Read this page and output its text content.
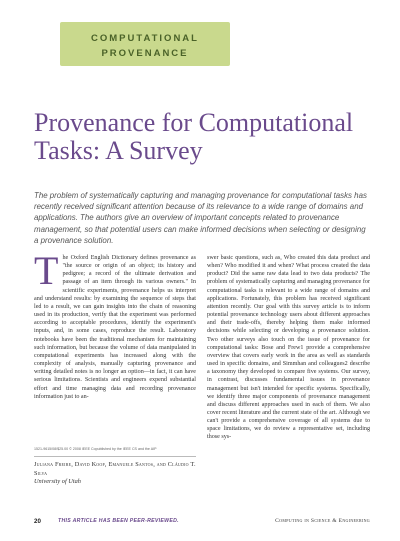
COMPUTATIONAL
PROVENANCE
Provenance for Computational Tasks: A Survey

The problem of systematically capturing and managing provenance for computational tasks has recently received significant attention because of its relevance to a wide range of domains and applications. The authors give an overview of important concepts related to provenance management, so that potential users can make informed decisions when selecting or designing a provenance solution.

The Oxford English Dictionary defines provenance as "the source or origin of an object; its history and pedigree; a record of the ultimate derivation and passage of an item through its various owners." In scientific experiments, provenance helps us interpret and understand results: by examining the sequence of steps that led to a result, we can gain insights into the chain of reasoning used in its production, verify that the experiment was performed according to acceptable procedures, identify the experiment's inputs, and, in some cases, reproduce the result. Laboratory notebooks have been the traditional mechanism for maintaining such information, but because the volume of data manipulated in computational experiments has increased along with the complexity of analysis, manually capturing provenance and writing detailed notes is no longer an option—in fact, it can have serious limitations. Scientists and engineers expend substantial effort and time managing data and recording provenance information just to an-
swer basic questions, such as, Who created this data product and when? Who modified it and when? What process created the data product? Did the same raw data lead to two data products? The problem of systematically capturing and managing provenance for computational tasks is relevant to a wide range of domains and applications. Fortunately, this problem has received significant attention recently. Our goal with this survey article is to inform potential provenance technology users about different approaches and their trade-offs, thereby helping them make informed decisions while selecting or developing a provenance solution. Two other surveys also touch on the issue of provenance for computational tasks: Bose and Frew1 provide a comprehensive overview that covers early work in the area as well as standards used in specific domains, and Simmhan and colleagues2 describe a taxonomy they developed to compare five systems. Our survey, in contrast, discusses fundamental issues in provenance management but isn't intended for specific systems. Specifically, we identify three major components of provenance management and discuss different approaches used in each of them. We also cover recent literature and the current state of the art. Although we can't provide a comprehensive coverage of all systems due to space limitations, we do review a representative set, including those sys-
1521-9615/08/$25.00 © 2008 IEEE Copublished by the IEEE CS and the AIP
Juliana Freire, David Koop, Emanuele Santos, and Cláudio T. Silva
University of Utah
20	THIS ARTICLE HAS BEEN PEER-REVIEWED.	Computing in Science & Engineering
